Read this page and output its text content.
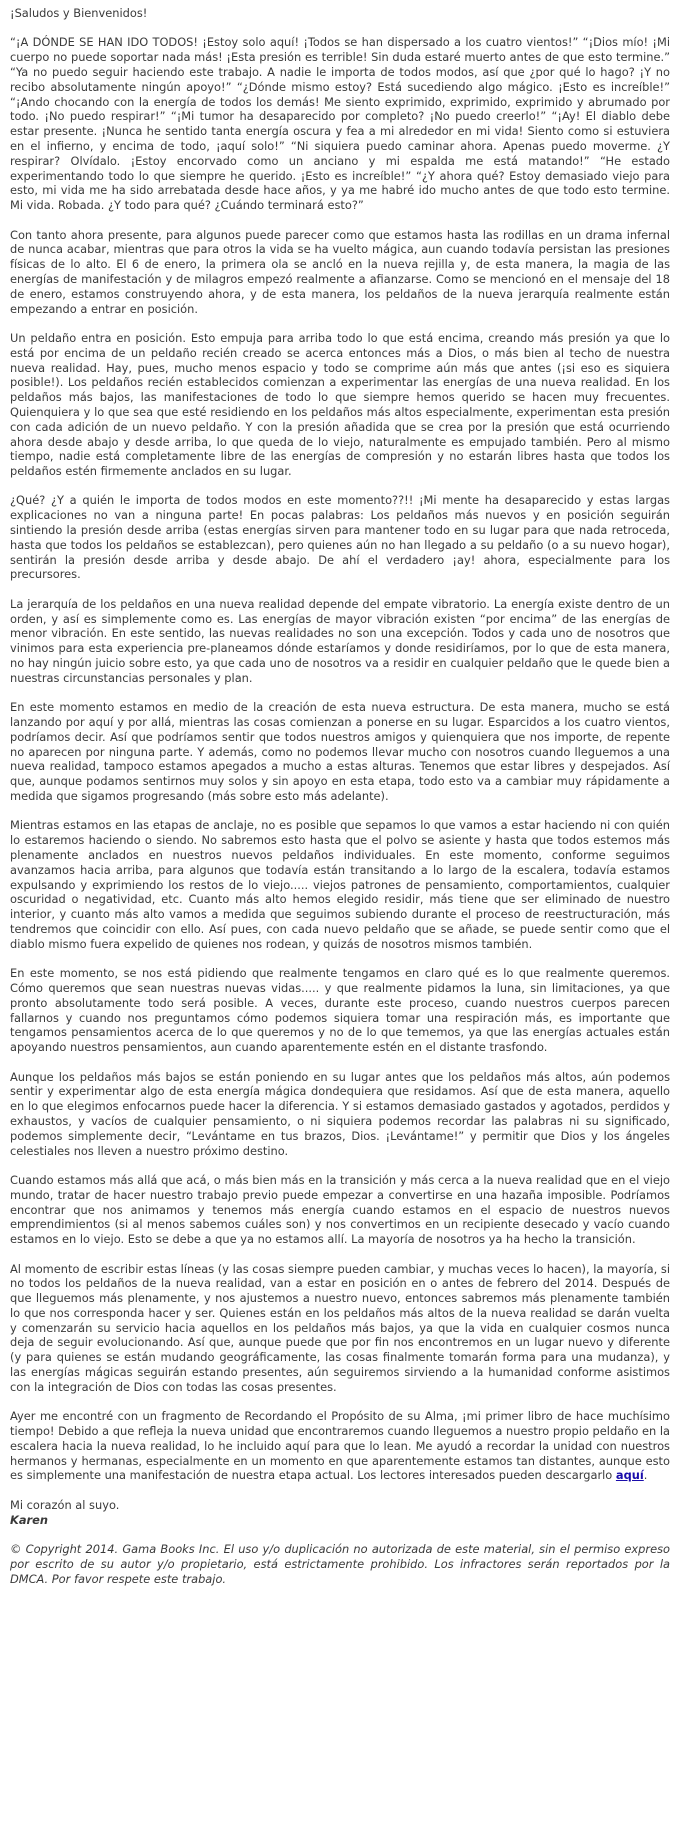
¡Saludos y Bienvenidos!

“¡A DÓNDE SE HAN IDO TODOS! ¡Estoy solo aquí! ¡Todos se han dispersado a los cuatro vientos!” “¡Dios mío! ¡Mi cuerpo no puede soportar nada más! ¡Esta presión es terrible! Sin duda estaré muerto antes de que esto termine.” “Ya no puedo seguir haciendo este trabajo. A nadie le importa de todos modos, así que ¿por qué lo hago? ¡Y no recibo absolutamente ningún apoyo!” “¿Dónde mismo estoy? Está sucediendo algo mágico. ¡Esto es increíble!” “¡Ando chocando con la energía de todos los demás! Me siento exprimido, exprimido, exprimido y abrumado por todo. ¡No puedo respirar!” “¡Mi tumor ha desaparecido por completo? ¡No puedo creerlo!” “¡Ay! El diablo debe estar presente. ¡Nunca he sentido tanta energía oscura y fea a mi alrededor en mi vida! Siento como si estuviera en el infierno, y encima de todo, ¡aquí solo!” “Ni siquiera puedo caminar ahora. Apenas puedo moverme. ¿Y respirar? Olvídalo. ¡Estoy encorvado como un anciano y mi espalda me está matando!” “He estado experimentando todo lo que siempre he querido. ¡Esto es increíble!” “¿Y ahora qué? Estoy demasiado viejo para esto, mi vida me ha sido arrebatada desde hace años, y ya me habré ido mucho antes de que todo esto termine. Mi vida. Robada. ¿Y todo para qué? ¿Cuándo terminará esto?”

Con tanto ahora presente, para algunos puede parecer como que estamos hasta las rodillas en un drama infernal de nunca acabar, mientras que para otros la vida se ha vuelto mágica, aun cuando todavía persistan las presiones físicas de lo alto. El 6 de enero, la primera ola se ancló en la nueva rejilla y, de esta manera, la magia de las energías de manifestación y de milagros empezó realmente a afianzarse. Como se mencionó en el mensaje del 18 de enero, estamos construyendo ahora, y de esta manera, los peldaños de la nueva jerarquía realmente están empezando a entrar en posición.

Un peldaño entra en posición. Esto empuja para arriba todo lo que está encima, creando más presión ya que lo está por encima de un peldaño recién creado se acerca entonces más a Dios, o más bien al techo de nuestra nueva realidad. Hay, pues, mucho menos espacio y todo se comprime aún más que antes (¡si eso es siquiera posible!). Los peldaños recién establecidos comienzan a experimentar las energías de una nueva realidad. En los peldaños más bajos, las manifestaciones de todo lo que siempre hemos querido se hacen muy frecuentes. Quienquiera y lo que sea que esté residiendo en los peldaños más altos especialmente, experimentan esta presión con cada adición de un nuevo peldaño. Y con la presión añadida que se crea por la presión que está ocurriendo ahora desde abajo y desde arriba, lo que queda de lo viejo, naturalmente es empujado también. Pero al mismo tiempo, nadie está completamente libre de las energías de compresión y no estarán libres hasta que todos los peldaños estén firmemente anclados en su lugar.

¿Qué? ¿Y a quién le importa de todos modos en este momento??!! ¡Mi mente ha desaparecido y estas largas explicaciones no van a ninguna parte! En pocas palabras: Los peldaños más nuevos y en posición seguirán sintiendo la presión desde arriba (estas energías sirven para mantener todo en su lugar para que nada retroceda, hasta que todos los peldaños se establezcan), pero quienes aún no han llegado a su peldaño (o a su nuevo hogar), sentirán la presión desde arriba y desde abajo. De ahí el verdadero ¡ay! ahora, especialmente para los precursores.

La jerarquía de los peldaños en una nueva realidad depende del empate vibratorio. La energía existe dentro de un orden, y así es simplemente como es. Las energías de mayor vibración existen “por encima” de las energías de menor vibración. En este sentido, las nuevas realidades no son una excepción. Todos y cada uno de nosotros que vinimos para esta experiencia pre-planeamos dónde estaríamos y donde residiríamos, por lo que de esta manera, no hay ningún juicio sobre esto, ya que cada uno de nosotros va a residir en cualquier peldaño que le quede bien a nuestras circunstancias personales y plan.

En este momento estamos en medio de la creación de esta nueva estructura. De esta manera, mucho se está lanzando por aquí y por allá, mientras las cosas comienzan a ponerse en su lugar. Esparcidos a los cuatro vientos, podríamos decir. Así que podríamos sentir que todos nuestros amigos y quienquiera que nos importe, de repente no aparecen por ninguna parte. Y además, como no podemos llevar mucho con nosotros cuando lleguemos a una nueva realidad, tampoco estamos apegados a mucho a estas alturas. Tenemos que estar libres y despejados. Así que, aunque podamos sentirnos muy solos y sin apoyo en esta etapa, todo esto va a cambiar muy rápidamente a medida que sigamos progresando (más sobre esto más adelante).

Mientras estamos en las etapas de anclaje, no es posible que sepamos lo que vamos a estar haciendo ni con quién lo estaremos haciendo o siendo. No sabremos esto hasta que el polvo se asiente y hasta que todos estemos más plenamente anclados en nuestros nuevos peldaños individuales. En este momento, conforme seguimos avanzamos hacia arriba, para algunos que todavía están transitando a lo largo de la escalera, todavía estamos expulsando y exprimiendo los restos de lo viejo..... viejos patrones de pensamiento, comportamientos, cualquier oscuridad o negatividad, etc. Cuanto más alto hemos elegido residir, más tiene que ser eliminado de nuestro interior, y cuanto más alto vamos a medida que seguimos subiendo durante el proceso de reestructuración, más tendremos que coincidir con ello. Así pues, con cada nuevo peldaño que se añade, se puede sentir como que el diablo mismo fuera expelido de quienes nos rodean, y quizás de nosotros mismos también.

En este momento, se nos está pidiendo que realmente tengamos en claro qué es lo que realmente queremos. Cómo queremos que sean nuestras nuevas vidas..... y que realmente pidamos la luna, sin limitaciones, ya que pronto absolutamente todo será posible. A veces, durante este proceso, cuando nuestros cuerpos parecen fallarnos y cuando nos preguntamos cómo podemos siquiera tomar una respiración más, es importante que tengamos pensamientos acerca de lo que queremos y no de lo que tememos, ya que las energías actuales están apoyando nuestros pensamientos, aun cuando aparentemente estén en el distante trasfondo.

Aunque los peldaños más bajos se están poniendo en su lugar antes que los peldaños más altos, aún podemos sentir y experimentar algo de esta energía mágica dondequiera que residamos. Así que de esta manera, aquello en lo que elegimos enfocarnos puede hacer la diferencia. Y si estamos demasiado gastados y agotados, perdidos y exhaustos, y vacíos de cualquier pensamiento, o ni siquiera podemos recordar las palabras ni su significado, podemos simplemente decir, “Levántame en tus brazos, Dios. ¡Levántame!” y permitir que Dios y los ángeles celestiales nos lleven a nuestro próximo destino.

Cuando estamos más allá que acá, o más bien más en la transición y más cerca a la nueva realidad que en el viejo mundo, tratar de hacer nuestro trabajo previo puede empezar a convertirse en una hazaña imposible. Podríamos encontrar que nos animamos y tenemos más energía cuando estamos en el espacio de nuestros nuevos emprendimientos (si al menos sabemos cuáles son) y nos convertimos en un recipiente desecado y vacío cuando estamos en lo viejo. Esto se debe a que ya no estamos allí. La mayoría de nosotros ya ha hecho la transición.

Al momento de escribir estas líneas (y las cosas siempre pueden cambiar, y muchas veces lo hacen), la mayoría, si no todos los peldaños de la nueva realidad, van a estar en posición en o antes de febrero del 2014. Después de que lleguemos más plenamente, y nos ajustemos a nuestro nuevo, entonces sabremos más plenamente también lo que nos corresponda hacer y ser. Quienes están en los peldaños más altos de la nueva realidad se darán vuelta y comenzarán su servicio hacia aquellos en los peldaños más bajos, ya que la vida en cualquier cosmos nunca deja de seguir evolucionando. Así que, aunque puede que por fin nos encontremos en un lugar nuevo y diferente (y para quienes se están mudando geográficamente, las cosas finalmente tomarán forma para una mudanza), y las energías mágicas seguirán estando presentes, aún seguiremos sirviendo a la humanidad conforme asistimos con la integración de Dios con todas las cosas presentes.

Ayer me encontré con un fragmento de Recordando el Propósito de su Alma, ¡mi primer libro de hace muchísimo tiempo! Debido a que refleja la nueva unidad que encontraremos cuando lleguemos a nuestro propio peldaño en la escalera hacia la nueva realidad, lo he incluido aquí para que lo lean. Me ayudó a recordar la unidad con nuestros hermanos y hermanas, especialmente en un momento en que aparentemente estamos tan distantes, aunque esto es simplemente una manifestación de nuestra etapa actual. Los lectores interesados pueden descargarlo aquí.

Mi corazón al suyo.

Karen

© Copyright 2014. Gama Books Inc. El uso y/o duplicación no autorizada de este material, sin el permiso expreso por escrito de su autor y/o propietario, está estrictamente prohibido. Los infractores serán reportados por la DMCA. Por favor respete este trabajo.
